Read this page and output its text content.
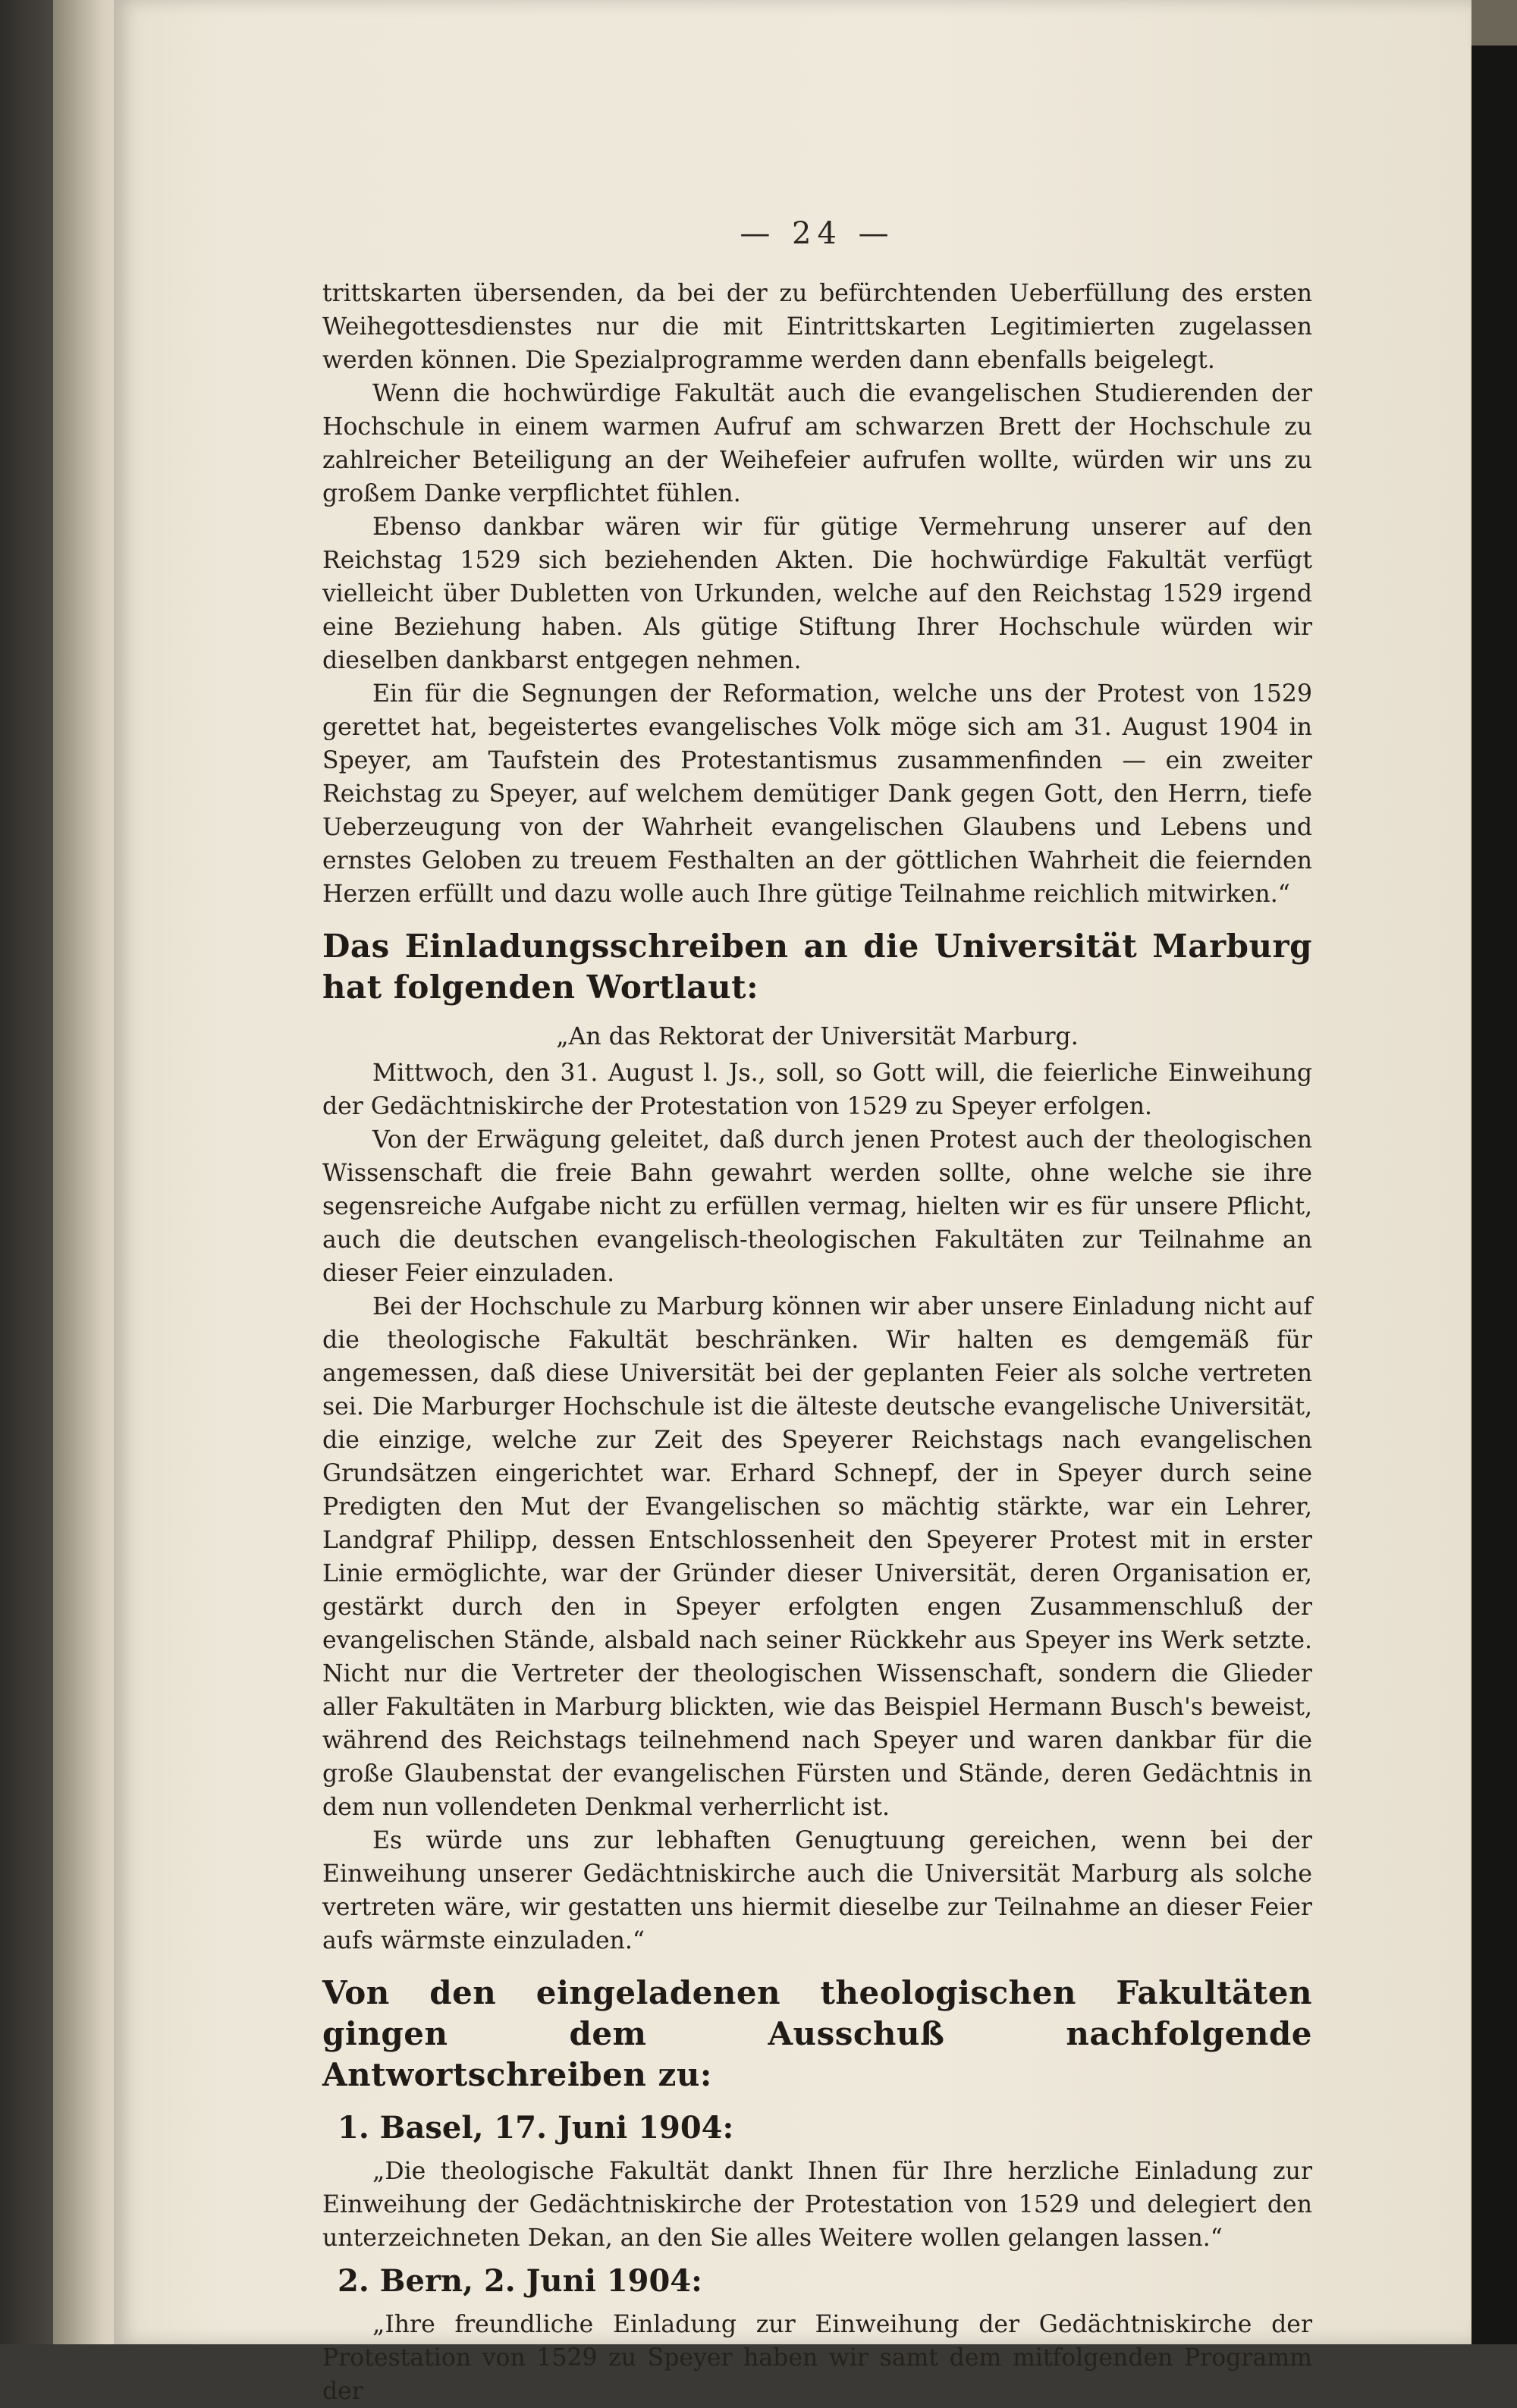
— 24 —

trittskarten übersenden, da bei der zu befürchtenden Ueberfüllung des ersten Weihegottesdienstes nur die mit Eintrittskarten Legitimierten zugelassen werden können. Die Spezialprogramme werden dann ebenfalls beigelegt.

Wenn die hochwürdige Fakultät auch die evangelischen Studierenden der Hochschule in einem warmen Aufruf am schwarzen Brett der Hochschule zu zahlreicher Beteiligung an der Weihefeier aufrufen wollte, würden wir uns zu großem Danke verpflichtet fühlen.

Ebenso dankbar wären wir für gütige Vermehrung unserer auf den Reichstag 1529 sich beziehenden Akten. Die hochwürdige Fakultät verfügt vielleicht über Dubletten von Urkunden, welche auf den Reichstag 1529 irgend eine Beziehung haben. Als gütige Stiftung Ihrer Hochschule würden wir dieselben dankbarst entgegen nehmen.

Ein für die Segnungen der Reformation, welche uns der Protest von 1529 gerettet hat, begeistertes evangelisches Volk möge sich am 31. August 1904 in Speyer, am Taufstein des Protestantismus zusammenfinden — ein zweiter Reichstag zu Speyer, auf welchem demütiger Dank gegen Gott, den Herrn, tiefe Ueberzeugung von der Wahrheit evangelischen Glaubens und Lebens und ernstes Geloben zu treuem Festhalten an der göttlichen Wahrheit die feiernden Herzen erfüllt und dazu wolle auch Ihre gütige Teilnahme reichlich mitwirken.“

Das Einladungsschreiben an die Universität Marburg hat folgenden Wortlaut:

„An das Rektorat der Universität Marburg.

Mittwoch, den 31. August l. Js., soll, so Gott will, die feierliche Einweihung der Gedächtniskirche der Protestation von 1529 zu Speyer erfolgen.

Von der Erwägung geleitet, daß durch jenen Protest auch der theologischen Wissenschaft die freie Bahn gewahrt werden sollte, ohne welche sie ihre segensreiche Aufgabe nicht zu erfüllen vermag, hielten wir es für unsere Pflicht, auch die deutschen evangelisch-theologischen Fakultäten zur Teilnahme an dieser Feier einzuladen.

Bei der Hochschule zu Marburg können wir aber unsere Einladung nicht auf die theologische Fakultät beschränken. Wir halten es demgemäß für angemessen, daß diese Universität bei der geplanten Feier als solche vertreten sei. Die Marburger Hochschule ist die älteste deutsche evangelische Universität, die einzige, welche zur Zeit des Speyerer Reichstags nach evangelischen Grundsätzen eingerichtet war. Erhard Schnepf, der in Speyer durch seine Predigten den Mut der Evangelischen so mächtig stärkte, war ein Lehrer, Landgraf Philipp, dessen Entschlossenheit den Speyerer Protest mit in erster Linie ermöglichte, war der Gründer dieser Universität, deren Organisation er, gestärkt durch den in Speyer erfolgten engen Zusammenschluß der evangelischen Stände, alsbald nach seiner Rückkehr aus Speyer ins Werk setzte. Nicht nur die Vertreter der theologischen Wissenschaft, sondern die Glieder aller Fakultäten in Marburg blickten, wie das Beispiel Hermann Busch's beweist, während des Reichstags teilnehmend nach Speyer und waren dankbar für die große Glaubenstat der evangelischen Fürsten und Stände, deren Gedächtnis in dem nun vollendeten Denkmal verherrlicht ist.

Es würde uns zur lebhaften Genugtuung gereichen, wenn bei der Einweihung unserer Gedächtniskirche auch die Universität Marburg als solche vertreten wäre, wir gestatten uns hiermit dieselbe zur Teilnahme an dieser Feier aufs wärmste einzuladen.“

Von den eingeladenen theologischen Fakultäten gingen dem Ausschuß nachfolgende Antwortschreiben zu:

1. Basel, 17. Juni 1904:

„Die theologische Fakultät dankt Ihnen für Ihre herzliche Einladung zur Einweihung der Gedächtniskirche der Protestation von 1529 und delegiert den unterzeichneten Dekan, an den Sie alles Weitere wollen gelangen lassen.“

2. Bern, 2. Juni 1904:

„Ihre freundliche Einladung zur Einweihung der Gedächtniskirche der Protestation von 1529 zu Speyer haben wir samt dem mitfolgenden Programm der
